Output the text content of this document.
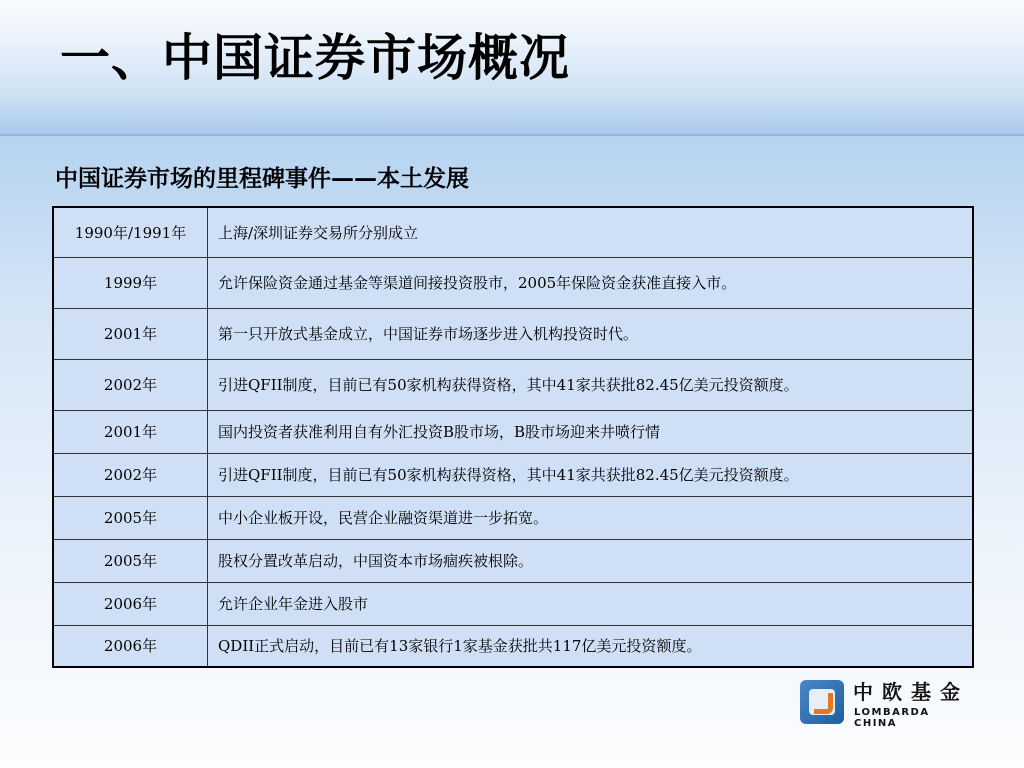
一、中国证券市场概况
中国证券市场的里程碑事件——本土发展
1990年/1991年	上海/深圳证券交易所分别成立
1999年	允许保险资金通过基金等渠道间接投资股市，2005年保险资金获准直接入市。
2001年	第一只开放式基金成立，中国证券市场逐步进入机构投资时代。
2002年	引进QFII制度，目前已有50家机构获得资格，其中41家共获批82.45亿美元投资额度。
2001年	国内投资者获准利用自有外汇投资B股市场，B股市场迎来井喷行情
2002年	引进QFII制度，目前已有50家机构获得资格，其中41家共获批82.45亿美元投资额度。
2005年	中小企业板开设，民营企业融资渠道进一步拓宽。
2005年	股权分置改革启动，中国资本市场痼疾被根除。
2006年	允许企业年金进入股市
2006年	QDII正式启动，目前已有13家银行1家基金获批共117亿美元投资额度。
中欧基金
LOMBARDA CHINA
